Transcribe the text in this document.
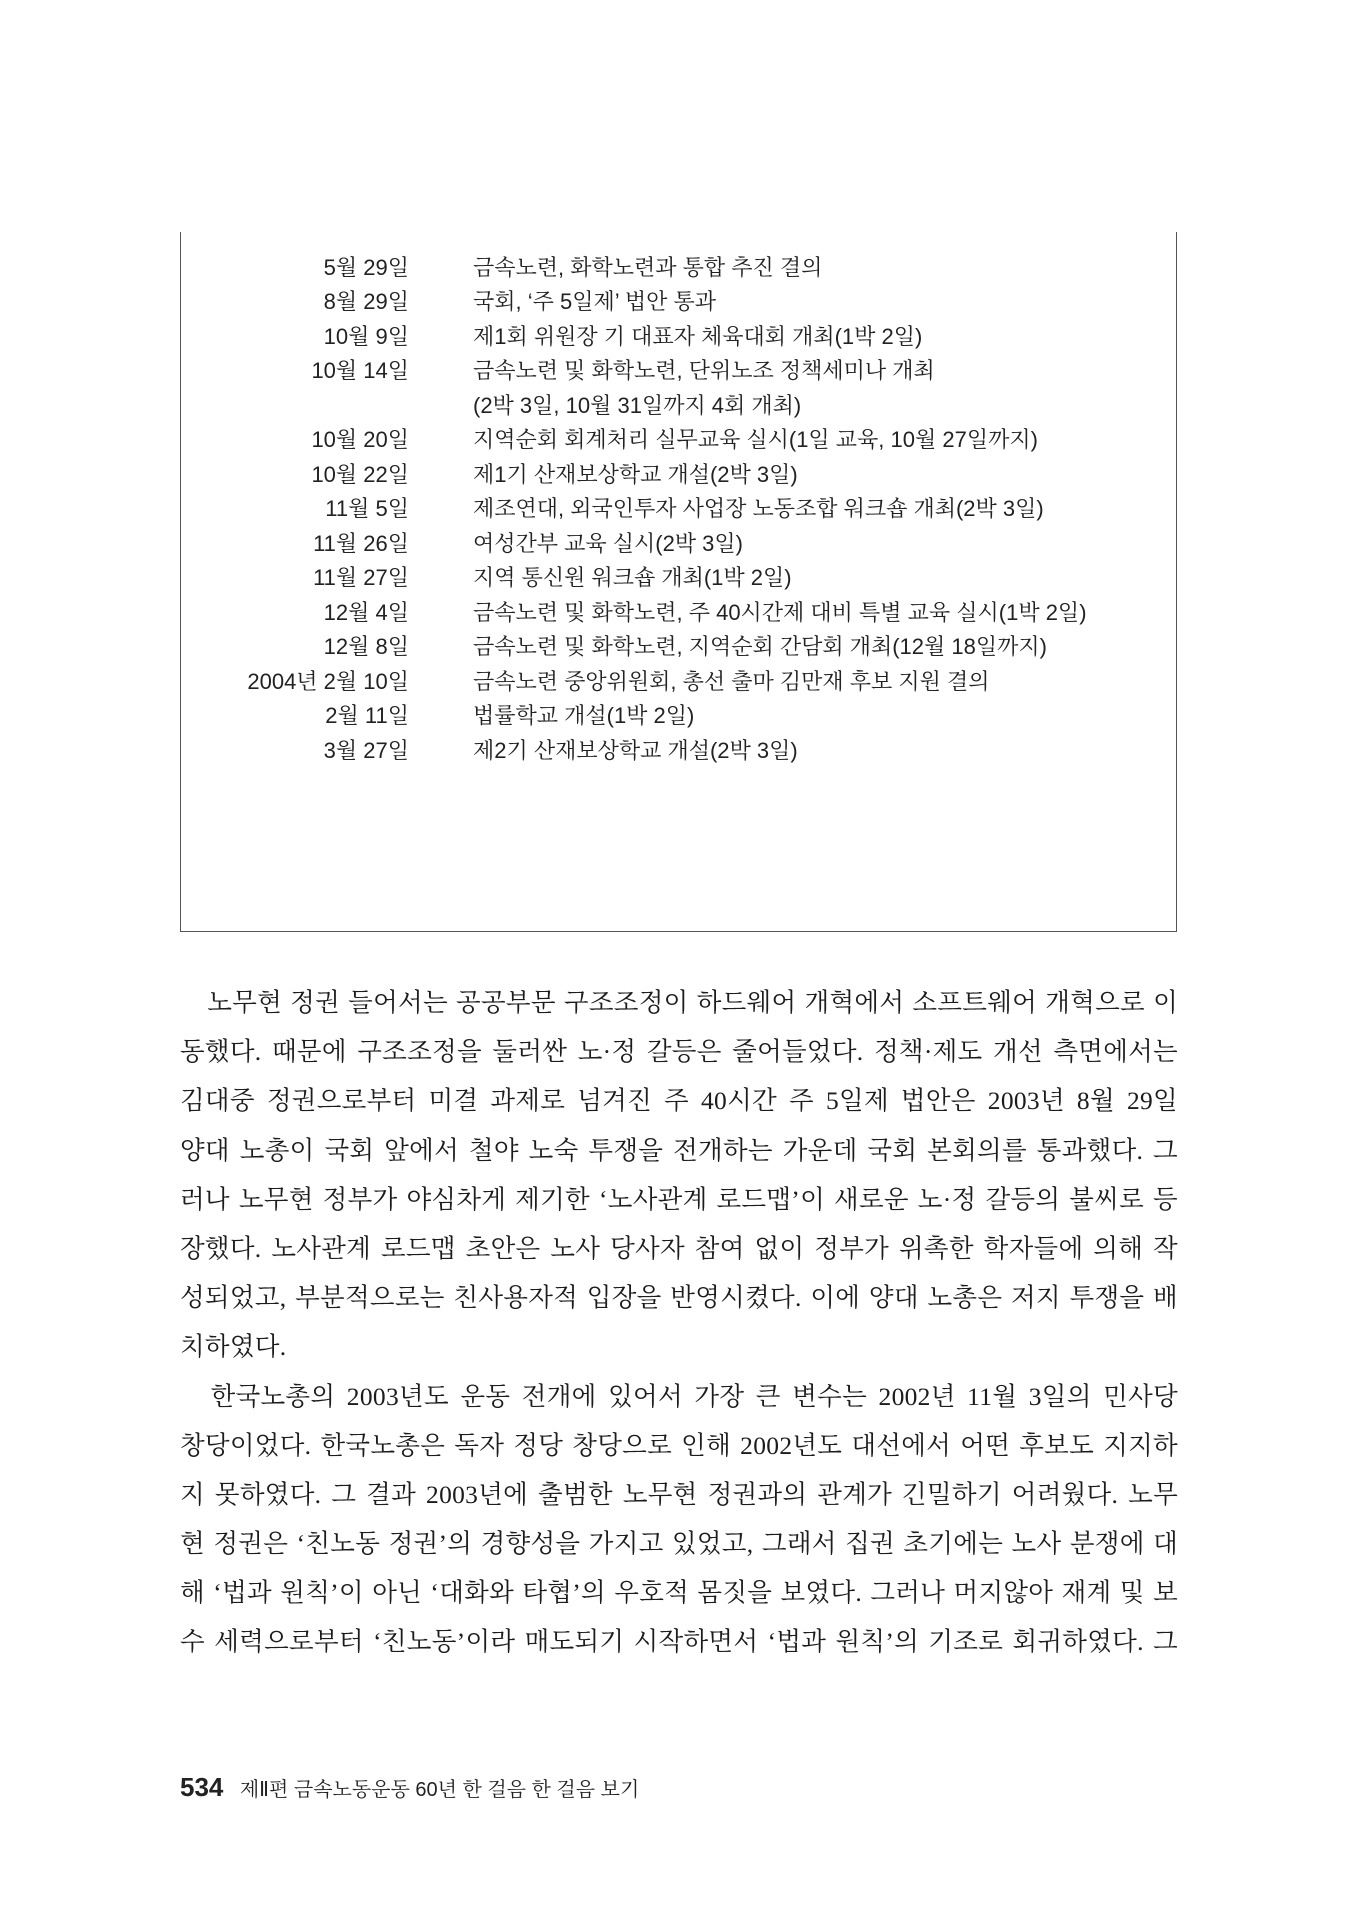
5월 29일	금속노련, 화학노련과 통합 추진 결의
8월 29일	국회, ‘주 5일제’ 법안 통과
10월 9일	제1회 위원장 기 대표자 체육대회 개최(1박 2일)
10월 14일	금속노련 및 화학노련, 단위노조 정책세미나 개최
(2박 3일, 10월 31일까지 4회 개최)
10월 20일	지역순회 회계처리 실무교육 실시(1일 교육, 10월 27일까지)
10월 22일	제1기 산재보상학교 개설(2박 3일)
11월 5일	제조연대, 외국인투자 사업장 노동조합 워크숍 개최(2박 3일)
11월 26일	여성간부 교육 실시(2박 3일)
11월 27일	지역 통신원 워크숍 개최(1박 2일)
12월 4일	금속노련 및 화학노련, 주 40시간제 대비 특별 교육 실시(1박 2일)
12월 8일	금속노련 및 화학노련, 지역순회 간담회 개최(12월 18일까지)
2004년 2월 10일	금속노련 중앙위원회, 총선 출마 김만재 후보 지원 결의
2월 11일	법률학교 개설(1박 2일)
3월 27일	제2기 산재보상학교 개설(2박 3일)
　노무현 정권 들어서는 공공부문 구조조정이 하드웨어 개혁에서 소프트웨어 개혁으로 이
동했다. 때문에 구조조정을 둘러싼 노·정 갈등은 줄어들었다. 정책·제도 개선 측면에서는
김대중 정권으로부터 미결 과제로 넘겨진 주 40시간 주 5일제 법안은 2003년 8월 29일
양대 노총이 국회 앞에서 철야 노숙 투쟁을 전개하는 가운데 국회 본회의를 통과했다. 그
러나 노무현 정부가 야심차게 제기한 ‘노사관계 로드맵’이 새로운 노·정 갈등의 불씨로 등
장했다. 노사관계 로드맵 초안은 노사 당사자 참여 없이 정부가 위촉한 학자들에 의해 작
성되었고, 부분적으로는 친사용자적 입장을 반영시켰다. 이에 양대 노총은 저지 투쟁을 배
치하였다.
　한국노총의 2003년도 운동 전개에 있어서 가장 큰 변수는 2002년 11월 3일의 민사당
창당이었다. 한국노총은 독자 정당 창당으로 인해 2002년도 대선에서 어떤 후보도 지지하
지 못하였다. 그 결과 2003년에 출범한 노무현 정권과의 관계가 긴밀하기 어려웠다. 노무
현 정권은 ‘친노동 정권’의 경향성을 가지고 있었고, 그래서 집권 초기에는 노사 분쟁에 대
해 ‘법과 원칙’이 아닌 ‘대화와 타협’의 우호적 몸짓을 보였다. 그러나 머지않아 재계 및 보
수 세력으로부터 ‘친노동’이라 매도되기 시작하면서 ‘법과 원칙’의 기조로 회귀하였다. 그
534 제Ⅱ편 금속노동운동 60년 한 걸음 한 걸음 보기
